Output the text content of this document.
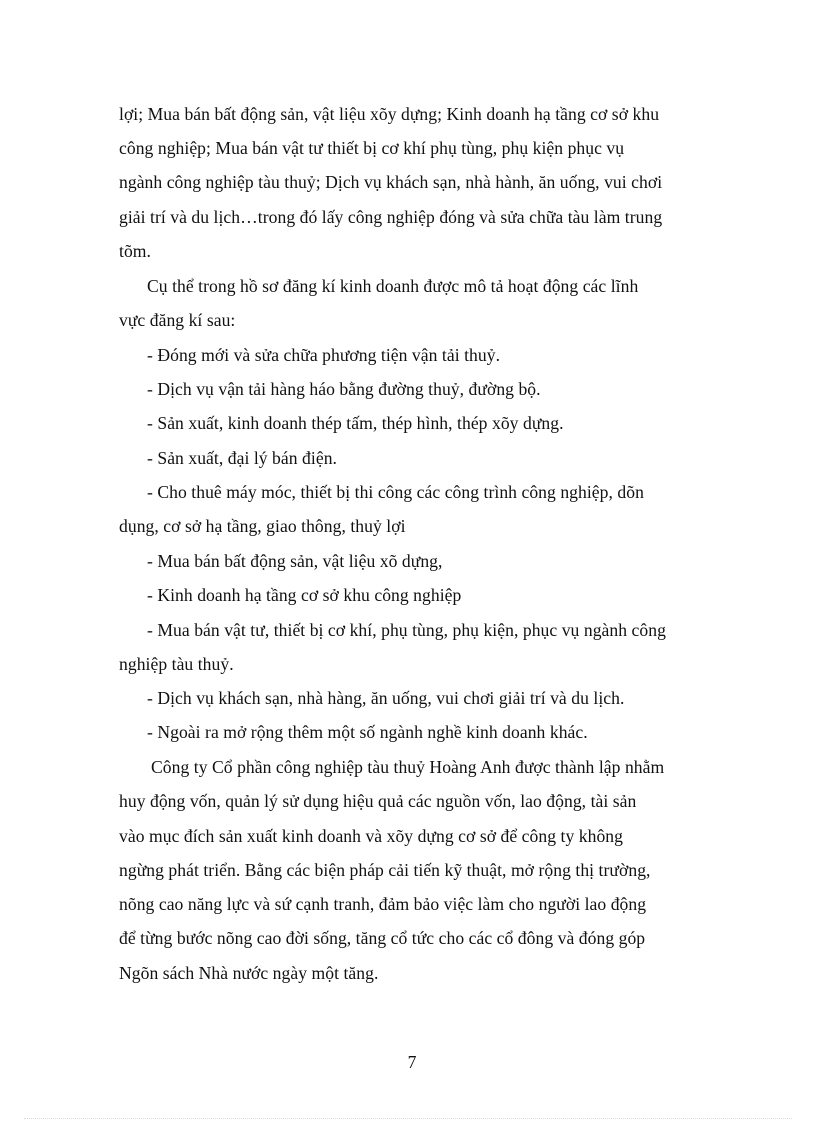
lợi; Mua bán bất động sản, vật liệu xõy dựng; Kinh doanh hạ tầng cơ sở khu
công nghiệp; Mua bán vật tư thiết bị cơ khí phụ tùng, phụ kiện phục vụ
ngành công nghiệp tàu thuỷ; Dịch vụ khách sạn, nhà hành, ăn uống, vui chơi
giải trí và du lịch…trong đó lấy công nghiệp đóng và sửa chữa tàu làm trung
tõm.
Cụ thể trong hồ sơ đăng kí kinh doanh được mô tả hoạt động các lĩnh
vực đăng kí sau:
- Đóng mới và sửa chữa phương tiện vận tải thuỷ.
- Dịch vụ vận tải hàng háo bằng đường thuỷ, đường bộ.
- Sản xuất, kinh doanh thép tấm, thép hình, thép xõy dựng.
- Sản xuất, đại lý bán điện.
- Cho thuê máy móc, thiết bị thi công các công trình công nghiệp, dõn
dụng, cơ sở hạ tầng, giao thông, thuỷ lợi
- Mua bán bất động sản, vật liệu xõ dựng,
- Kinh doanh hạ tầng cơ sở khu công nghiệp
- Mua bán vật tư, thiết bị cơ khí, phụ tùng, phụ kiện, phục vụ ngành công
nghiệp tàu thuỷ.
- Dịch vụ khách sạn, nhà hàng, ăn uống, vui chơi giải trí và du lịch.
- Ngoài ra mở rộng thêm một số ngành nghề kinh doanh khác.
Công ty Cổ phần công nghiệp tàu thuỷ Hoàng Anh được thành lập nhằm
huy động vốn, quản lý sử dụng hiệu quả các nguồn vốn, lao động, tài sản
vào mục đích sản xuất kinh doanh và xõy dựng cơ sở để công ty không
ngừng phát triển. Bằng các biện pháp cải tiến kỹ thuật, mở rộng thị trường,
nõng cao năng lực và sứ cạnh tranh, đảm bảo việc làm cho người lao động
để từng bước nõng cao đời sống, tăng cổ tức cho các cổ đông và đóng góp
Ngõn sách Nhà nước ngày một tăng.
7
